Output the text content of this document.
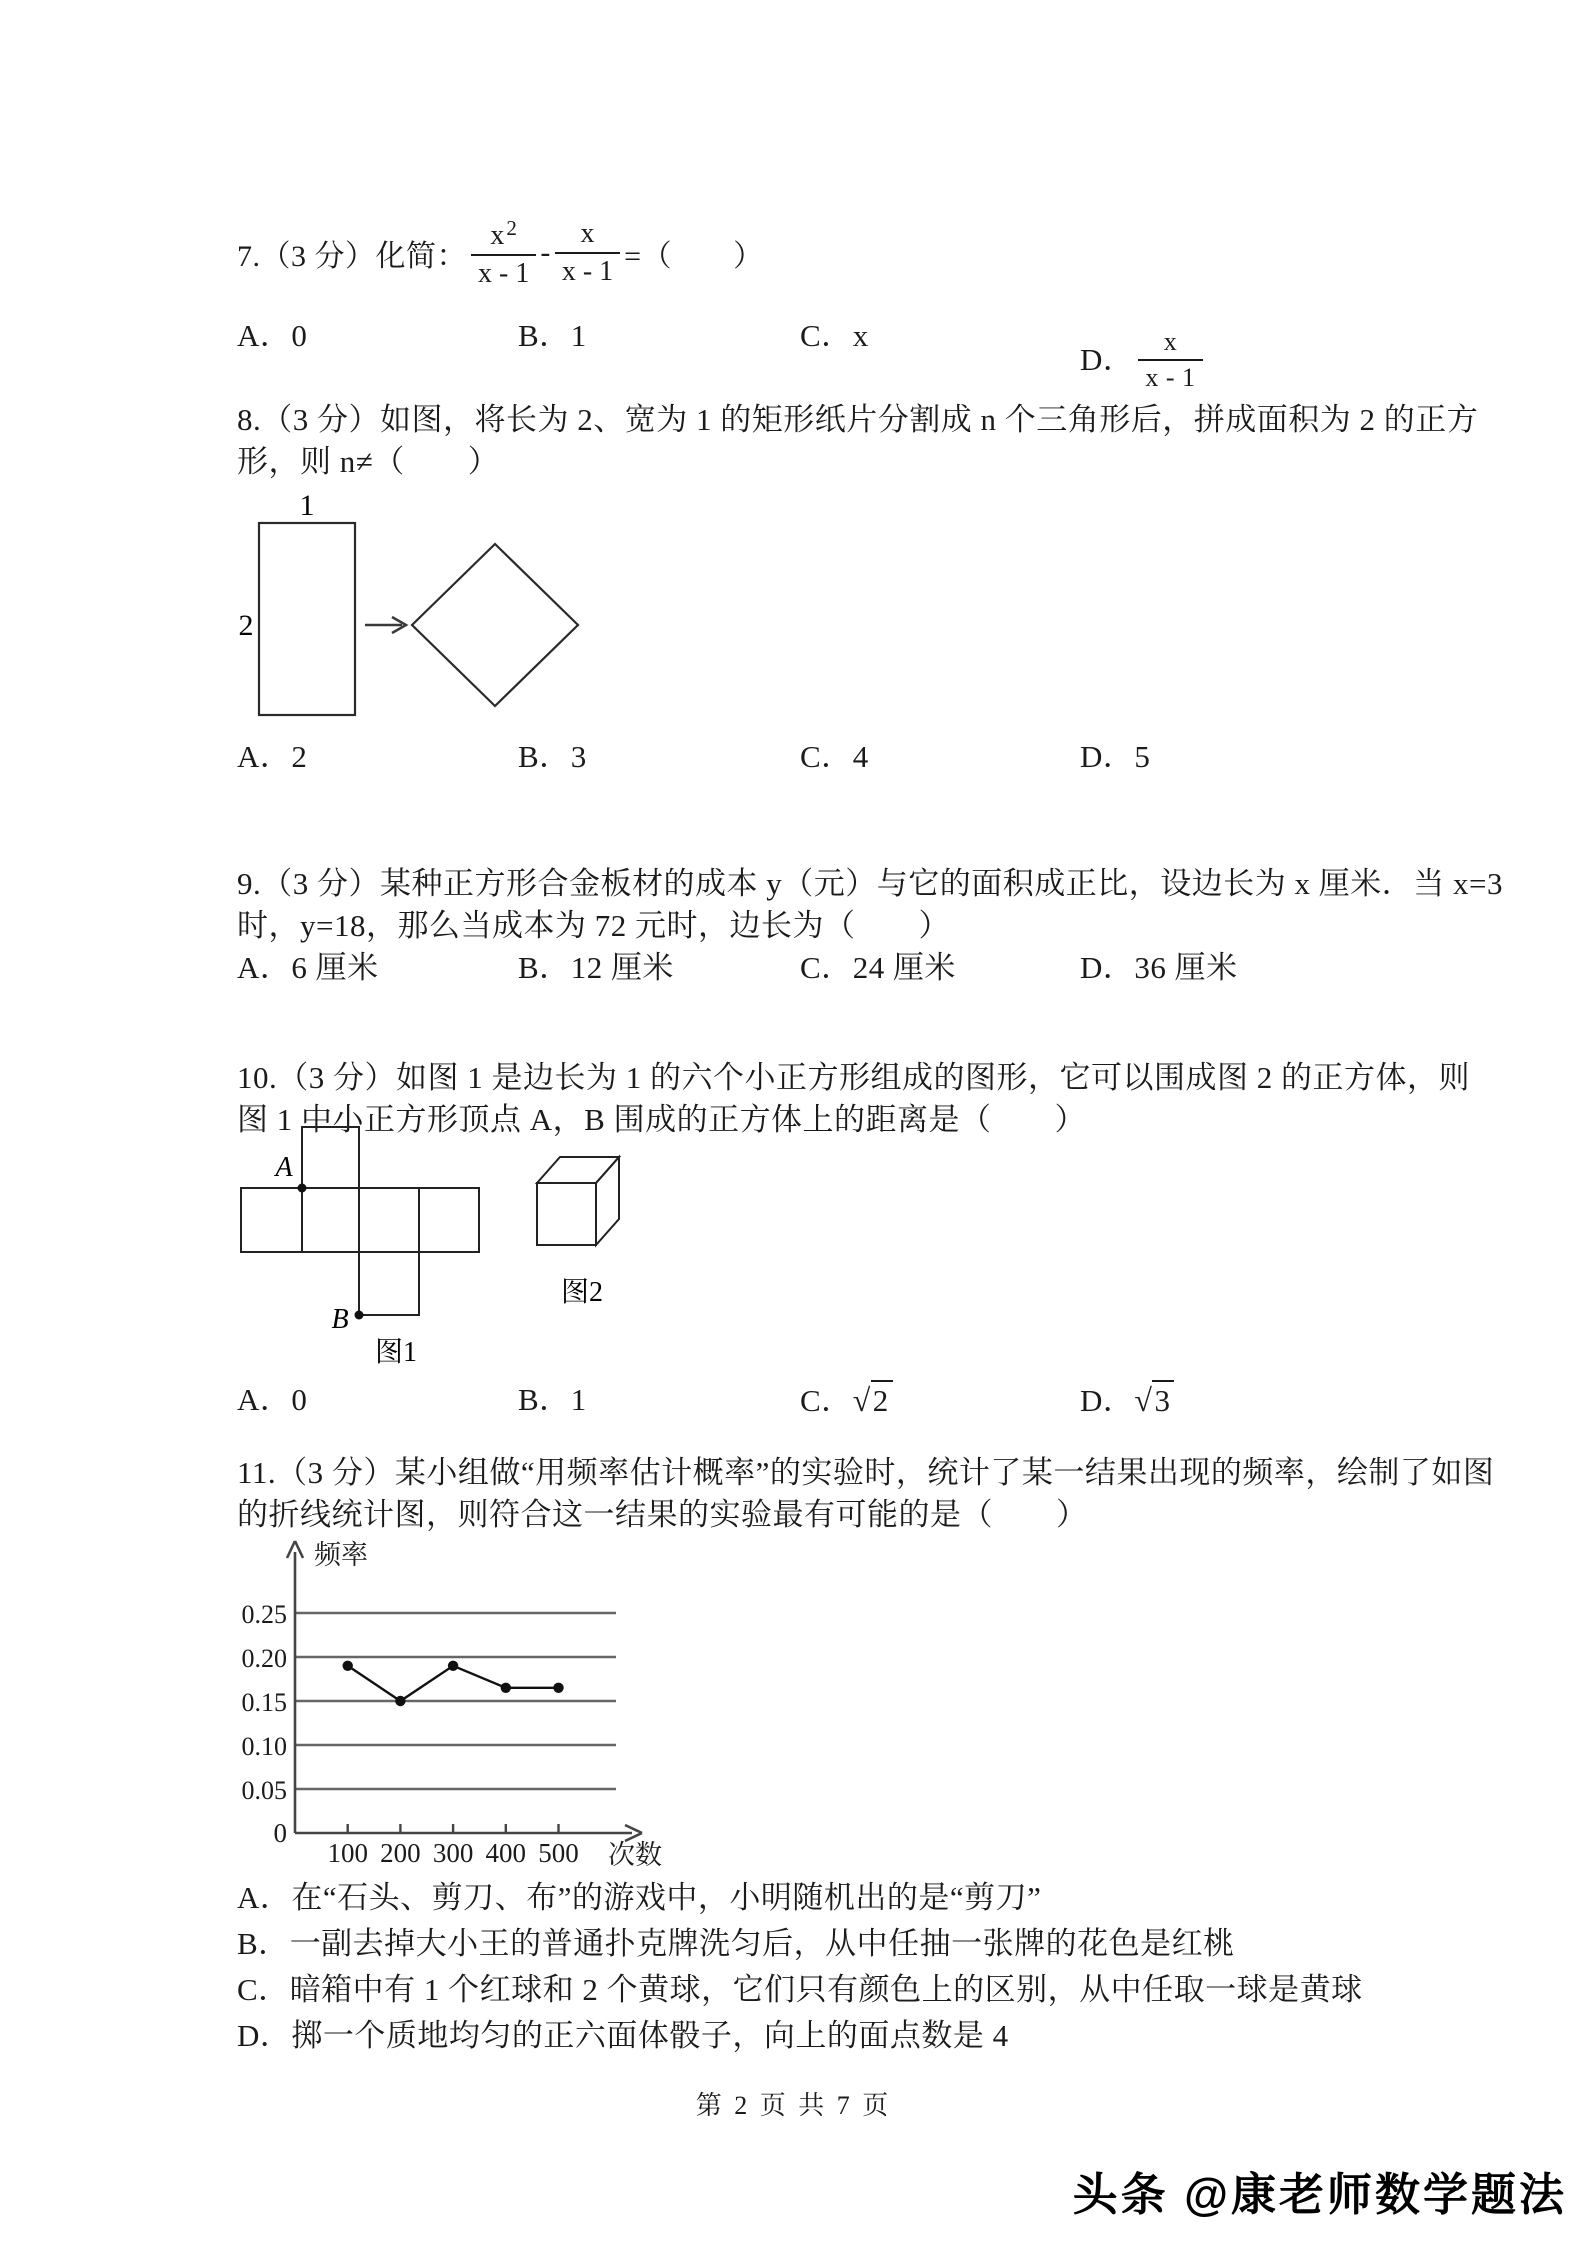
7.（3 分）化简： $\frac{x^2}{x - 1} - \frac{x}{x - 1}$ =（　　）
A．0	B．1	C．x
D． $\frac{x}{x - 1}$
8.（3 分）如图，将长为 2、宽为 1 的矩形纸片分割成 n 个三角形后，拼成面积为 2 的正方
形，则 n≠（　　）
1
2
A．2	B．3	C．4	D．5
9.（3 分）某种正方形合金板材的成本 y（元）与它的面积成正比，设边长为 x 厘米．当 x=3
时，y=18，那么当成本为 72 元时，边长为（　　）
A．6 厘米	B．12 厘米	C．24 厘米	D．36 厘米
10.（3 分）如图 1 是边长为 1 的六个小正方形组成的图形，它可以围成图 2 的正方体，则
图 1 中小正方形顶点 A，B 围成的正方体上的距离是（　　）
A
B
图1
图2
A．0	B．1	C．√2	D．√3
11.（3 分）某小组做“用频率估计概率”的实验时，统计了某一结果出现的频率，绘制了如图
的折线统计图，则符合这一结果的实验最有可能的是（　　）
0.05
0.10
0.15
0.20
0.25
0
100 200 300 400 500
频率
次数
A．在“石头、剪刀、布”的游戏中，小明随机出的是“剪刀”
B．一副去掉大小王的普通扑克牌洗匀后，从中任抽一张牌的花色是红桃
C．暗箱中有 1 个红球和 2 个黄球，它们只有颜色上的区别，从中任取一球是黄球
D．掷一个质地均匀的正六面体骰子，向上的面点数是 4
第 2 页 共 7 页
头条 @康老师数学题法
